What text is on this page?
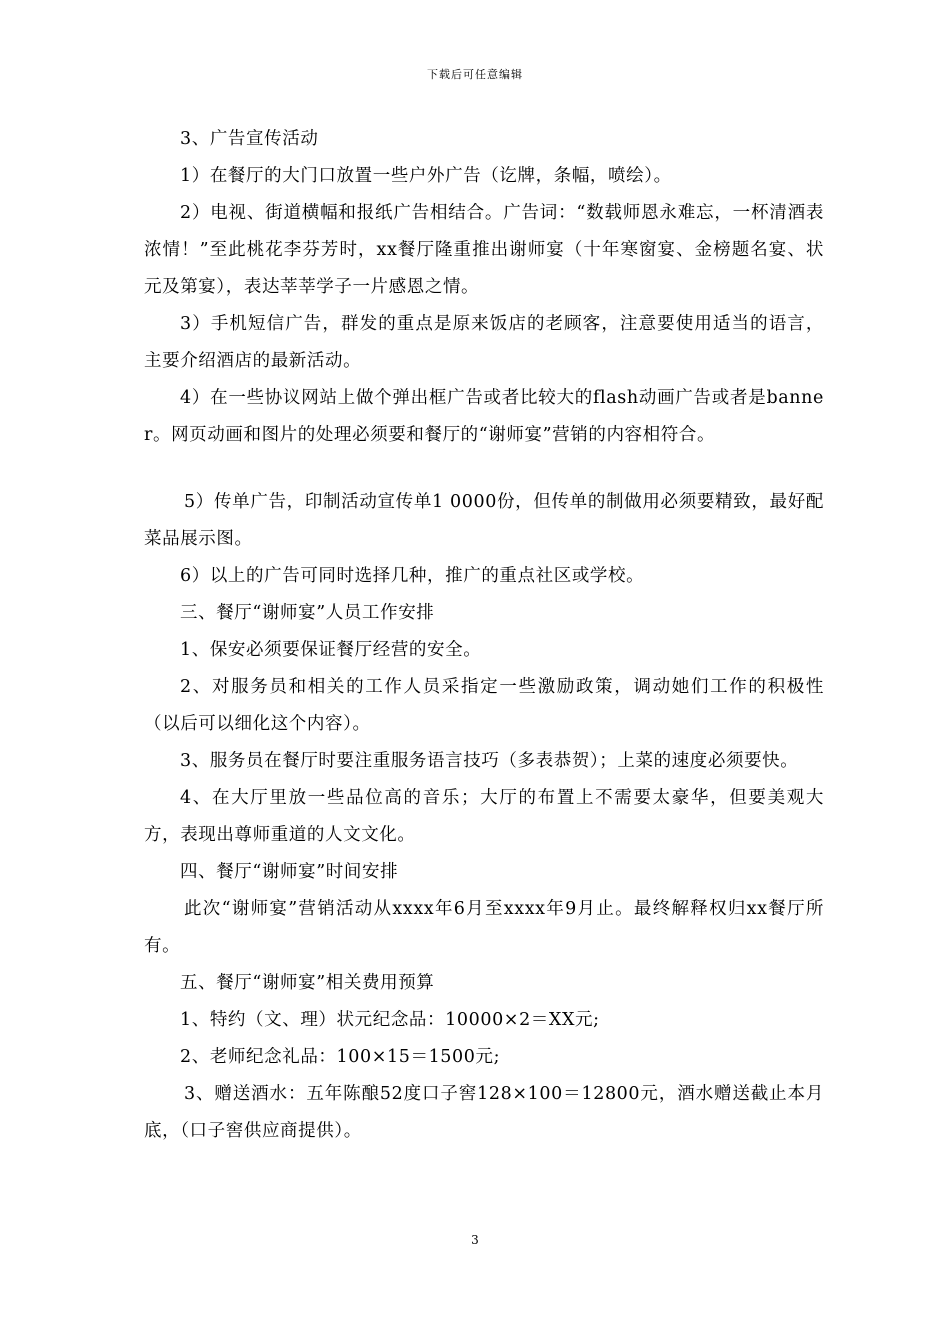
下载后可任意编辑

3、广告宣传活动

1）在餐厅的大门口放置一些户外广告（讫牌，条幅，喷绘）。

2）电视、街道横幅和报纸广告相结合。广告词：“数载师恩永难忘，一杯清酒表浓情！”至此桃花李芬芳时，xx餐厅隆重推出谢师宴（十年寒窗宴、金榜题名宴、状元及第宴），表达莘莘学子一片感恩之情。

3）手机短信广告，群发的重点是原来饭店的老顾客，注意要使用适当的语言，主要介绍酒店的最新活动。

4）在一些协议网站上做个弹出框广告或者比较大的flash动画广告或者是banner。网页动画和图片的处理必须要和餐厅的“谢师宴”营销的内容相符合。

5）传单广告，印制活动宣传单1 0000份，但传单的制做用必须要精致，最好配菜品展示图。

6）以上的广告可同时选择几种，推广的重点社区或学校。

三、餐厅“谢师宴”人员工作安排

1、保安必须要保证餐厅经营的安全。

2、对服务员和相关的工作人员采指定一些激励政策，调动她们工作的积极性（以后可以细化这个内容）。

3、服务员在餐厅时要注重服务语言技巧（多表恭贺）；上菜的速度必须要快。

4、在大厅里放一些品位高的音乐；大厅的布置上不需要太豪华，但要美观大方，表现出尊师重道的人文文化。

四、餐厅“谢师宴”时间安排

此次“谢师宴”营销活动从xxxx年6月至xxxx年9月止。最终解释权归xx餐厅所有。

五、餐厅“谢师宴”相关费用预算

1、特约（文、理）状元纪念品：10000×2＝XX元;

2、老师纪念礼品：100×15＝1500元;

3、赠送酒水：五年陈酿52度口子窖128×100＝12800元，酒水赠送截止本月底，（口子窖供应商提供）。

3
